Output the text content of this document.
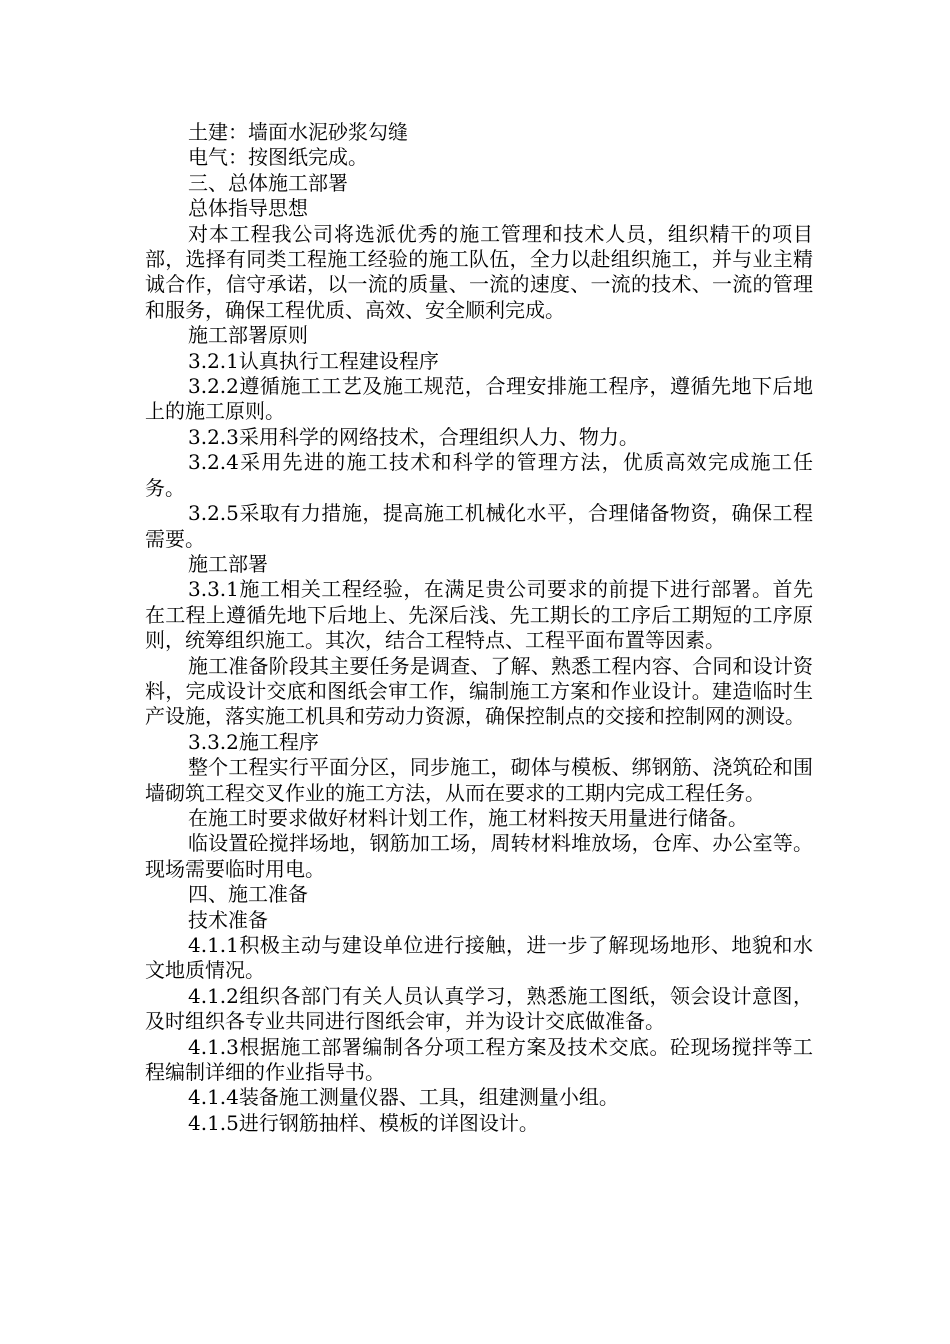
土建：墙面水泥砂浆勾缝

电气：按图纸完成。

三、总体施工部署

总体指导思想

对本工程我公司将选派优秀的施工管理和技术人员，组织精干的项目部，选择有同类工程施工经验的施工队伍，全力以赴组织施工，并与业主精诚合作，信守承诺，以一流的质量、一流的速度、一流的技术、一流的管理和服务，确保工程优质、高效、安全顺利完成。

施工部署原则

3.2.1认真执行工程建设程序

3.2.2遵循施工工艺及施工规范，合理安排施工程序，遵循先地下后地上的施工原则。

3.2.3采用科学的网络技术，合理组织人力、物力。

3.2.4采用先进的施工技术和科学的管理方法，优质高效完成施工任务。

3.2.5采取有力措施，提高施工机械化水平，合理储备物资，确保工程需要。

施工部署

3.3.1施工相关工程经验，在满足贵公司要求的前提下进行部署。首先在工程上遵循先地下后地上、先深后浅、先工期长的工序后工期短的工序原则，统筹组织施工。其次，结合工程特点、工程平面布置等因素。

施工准备阶段其主要任务是调查、了解、熟悉工程内容、合同和设计资料，完成设计交底和图纸会审工作，编制施工方案和作业设计。建造临时生产设施，落实施工机具和劳动力资源，确保控制点的交接和控制网的测设。

3.3.2施工程序

整个工程实行平面分区，同步施工，砌体与模板、绑钢筋、浇筑砼和围墙砌筑工程交叉作业的施工方法，从而在要求的工期内完成工程任务。

在施工时要求做好材料计划工作，施工材料按天用量进行储备。

临设置砼搅拌场地，钢筋加工场，周转材料堆放场，仓库、办公室等。现场需要临时用电。

四、施工准备

技术准备

4.1.1积极主动与建设单位进行接触，进一步了解现场地形、地貌和水文地质情况。

4.1.2组织各部门有关人员认真学习，熟悉施工图纸，领会设计意图，及时组织各专业共同进行图纸会审，并为设计交底做准备。

4.1.3根据施工部署编制各分项工程方案及技术交底。砼现场搅拌等工程编制详细的作业指导书。

4.1.4装备施工测量仪器、工具，组建测量小组。

4.1.5进行钢筋抽样、模板的详图设计。
